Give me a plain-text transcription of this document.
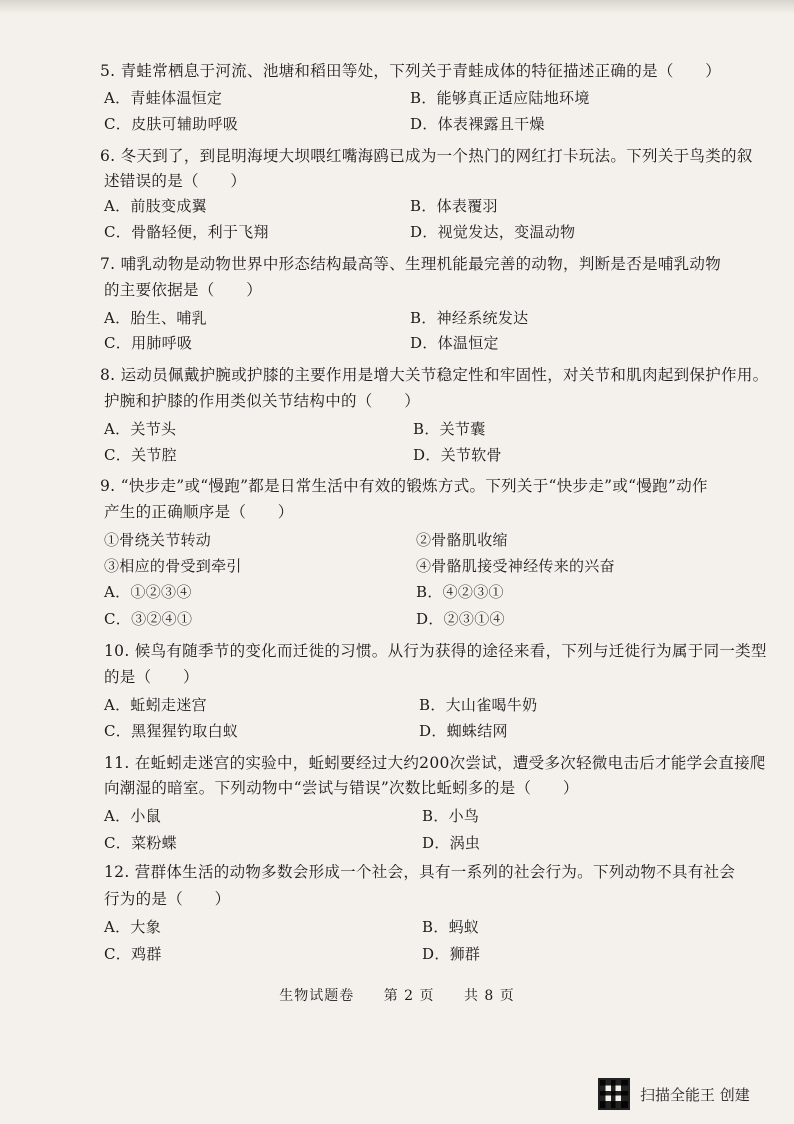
5. 青蛙常栖息于河流、池塘和稻田等处，下列关于青蛙成体的特征描述正确的是（　　）
A．青蛙体温恒定	B．能够真正适应陆地环境
C．皮肤可辅助呼吸	D．体表裸露且干燥
6. 冬天到了，到昆明海埂大坝喂红嘴海鸥已成为一个热门的网红打卡玩法。下列关于鸟类的叙
述错误的是（　　）
A．前肢变成翼	B．体表覆羽
C．骨骼轻便，利于飞翔	D．视觉发达，变温动物
7. 哺乳动物是动物世界中形态结构最高等、生理机能最完善的动物，判断是否是哺乳动物
的主要依据是（　　）
A．胎生、哺乳	B．神经系统发达
C．用肺呼吸	D．体温恒定
8. 运动员佩戴护腕或护膝的主要作用是增大关节稳定性和牢固性，对关节和肌肉起到保护作用。
护腕和护膝的作用类似关节结构中的（　　）
A．关节头	B．关节囊
C．关节腔	D．关节软骨
9. “快步走”或“慢跑”都是日常生活中有效的锻炼方式。下列关于“快步走”或“慢跑”动作
产生的正确顺序是（　　）
①骨绕关节转动	②骨骼肌收缩
③相应的骨受到牵引	④骨骼肌接受神经传来的兴奋
A．①②③④	B．④②③①
C．③②④①	D．②③①④
10. 候鸟有随季节的变化而迁徙的习惯。从行为获得的途径来看，下列与迁徙行为属于同一类型
的是（　　）
A．蚯蚓走迷宫	B．大山雀喝牛奶
C．黑猩猩钓取白蚁	D．蜘蛛结网
11. 在蚯蚓走迷宫的实验中，蚯蚓要经过大约200次尝试，遭受多次轻微电击后才能学会直接爬
向潮湿的暗室。下列动物中“尝试与错误”次数比蚯蚓多的是（　　）
A．小鼠	B．小鸟
C．菜粉蝶	D．涡虫
12. 营群体生活的动物多数会形成一个社会，具有一系列的社会行为。下列动物不具有社会
行为的是（　　）
A．大象	B．蚂蚁
C．鸡群	D．狮群
生物试题卷 第 2 页 共 8 页
扫描全能王 创建
